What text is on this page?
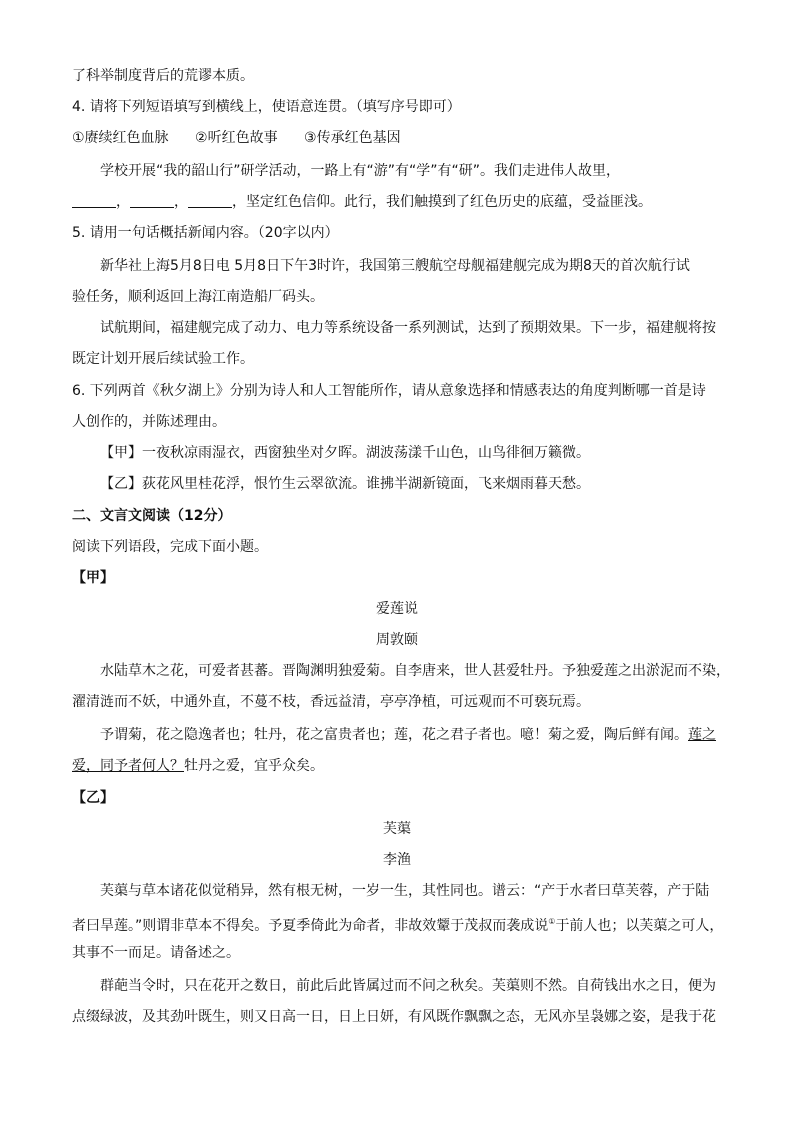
了科举制度背后的荒谬本质。
4. 请将下列短语填写到横线上，使语意连贯。（填写序号即可）
①赓续红色血脉 ②听红色故事 ③传承红色基因
学校开展“我的韶山行”研学活动，一路上有“游”有“学”有“研”。我们走进伟人故里，
，	，	，坚定红色信仰。此行，我们触摸到了红色历史的底蕴，受益匪浅。
5. 请用一句话概括新闻内容。（20字以内）
新华社上海5月8日电 5月8日下午3时许，我国第三艘航空母舰福建舰完成为期8天的首次航行试
验任务，顺利返回上海江南造船厂码头。
试航期间，福建舰完成了动力、电力等系统设备一系列测试，达到了预期效果。下一步，福建舰将按
既定计划开展后续试验工作。
6. 下列两首《秋夕湖上》分别为诗人和人工智能所作，请从意象选择和情感表达的角度判断哪一首是诗
人创作的，并陈述理由。
【甲】一夜秋凉雨湿衣，西窗独坐对夕晖。湖波荡漾千山色，山鸟徘徊万籁微。
【乙】荻花风里桂花浮，恨竹生云翠欲流。谁拂半湖新镜面，飞来烟雨暮天愁。
二、文言文阅读（12分）
阅读下列语段，完成下面小题。
【甲】
爱莲说
周敦颐
水陆草木之花，可爱者甚蕃。晋陶渊明独爱菊。自李唐来，世人甚爱牡丹。予独爱莲之出淤泥而不染，
濯清涟而不妖，中通外直，不蔓不枝，香远益清，亭亭净植，可远观而不可亵玩焉。
予谓菊，花之隐逸者也；牡丹，花之富贵者也；莲，花之君子者也。噫！菊之爱，陶后鲜有闻。莲之
爱，同予者何人？牡丹之爱，宜乎众矣。
【乙】
芙蕖
李渔
芙蕖与草本诸花似觉稍异，然有根无树，一岁一生，其性同也。谱云：“产于水者曰草芙蓉，产于陆
者曰旱莲。”则谓非草本不得矣。予夏季倚此为命者，非故效颦于茂叔而袭成说①于前人也；以芙蕖之可人，
其事不一而足。请备述之。
群葩当令时，只在花开之数日，前此后此皆属过而不问之秋矣。芙蕖则不然。自荷钱出水之日，便为
点缀绿波，及其劲叶既生，则又日高一日，日上日妍，有风既作飘飘之态，无风亦呈袅娜之姿，是我于花
